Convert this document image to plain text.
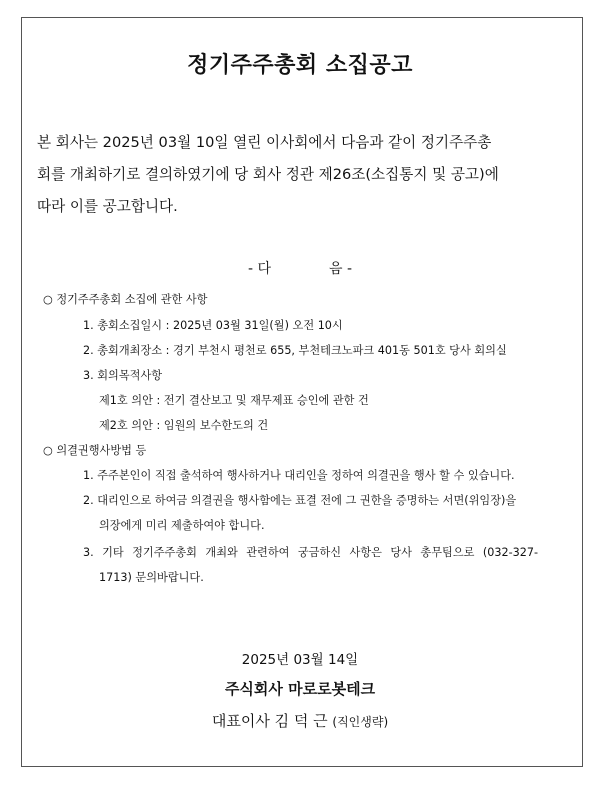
정기주주총회 소집공고

본 회사는 2025년 03월 10일 열린 이사회에서 다음과 같이 정기주주총

회를 개최하기로 결의하였기에 당 회사 정관 제26조(소집통지 및 공고)에

따라 이를 공고합니다.

- 다	음 -
○ 정기주주총회 소집에 관한 사항
1. 총회소집일시 : 2025년 03월 31일(월) 오전 10시
2. 총회개최장소 : 경기 부천시 평천로 655, 부천테크노파크 401동 501호 당사 회의실
3. 회의목적사항
제1호 의안 : 전기 결산보고 및 재무제표 승인에 관한 건
제2호 의안 : 임원의 보수한도의 건
○ 의결권행사방법 등
1. 주주본인이 직접 출석하여 행사하거나 대리인을 정하여 의결권을 행사 할 수 있습니다.
2. 대리인으로 하여금 의결권을 행사함에는 표결 전에 그 권한을 증명하는 서면(위임장)을
의장에게 미리 제출하여야 합니다.
3. 기타 정기주주총회 개최와 관련하여 궁금하신 사항은 당사 총무팀으로 (032-327-
1713) 문의바랍니다.
2025년 03월 14일
주식회사 마로로봇테크
대표이사 김 덕 근 (직인생략)
